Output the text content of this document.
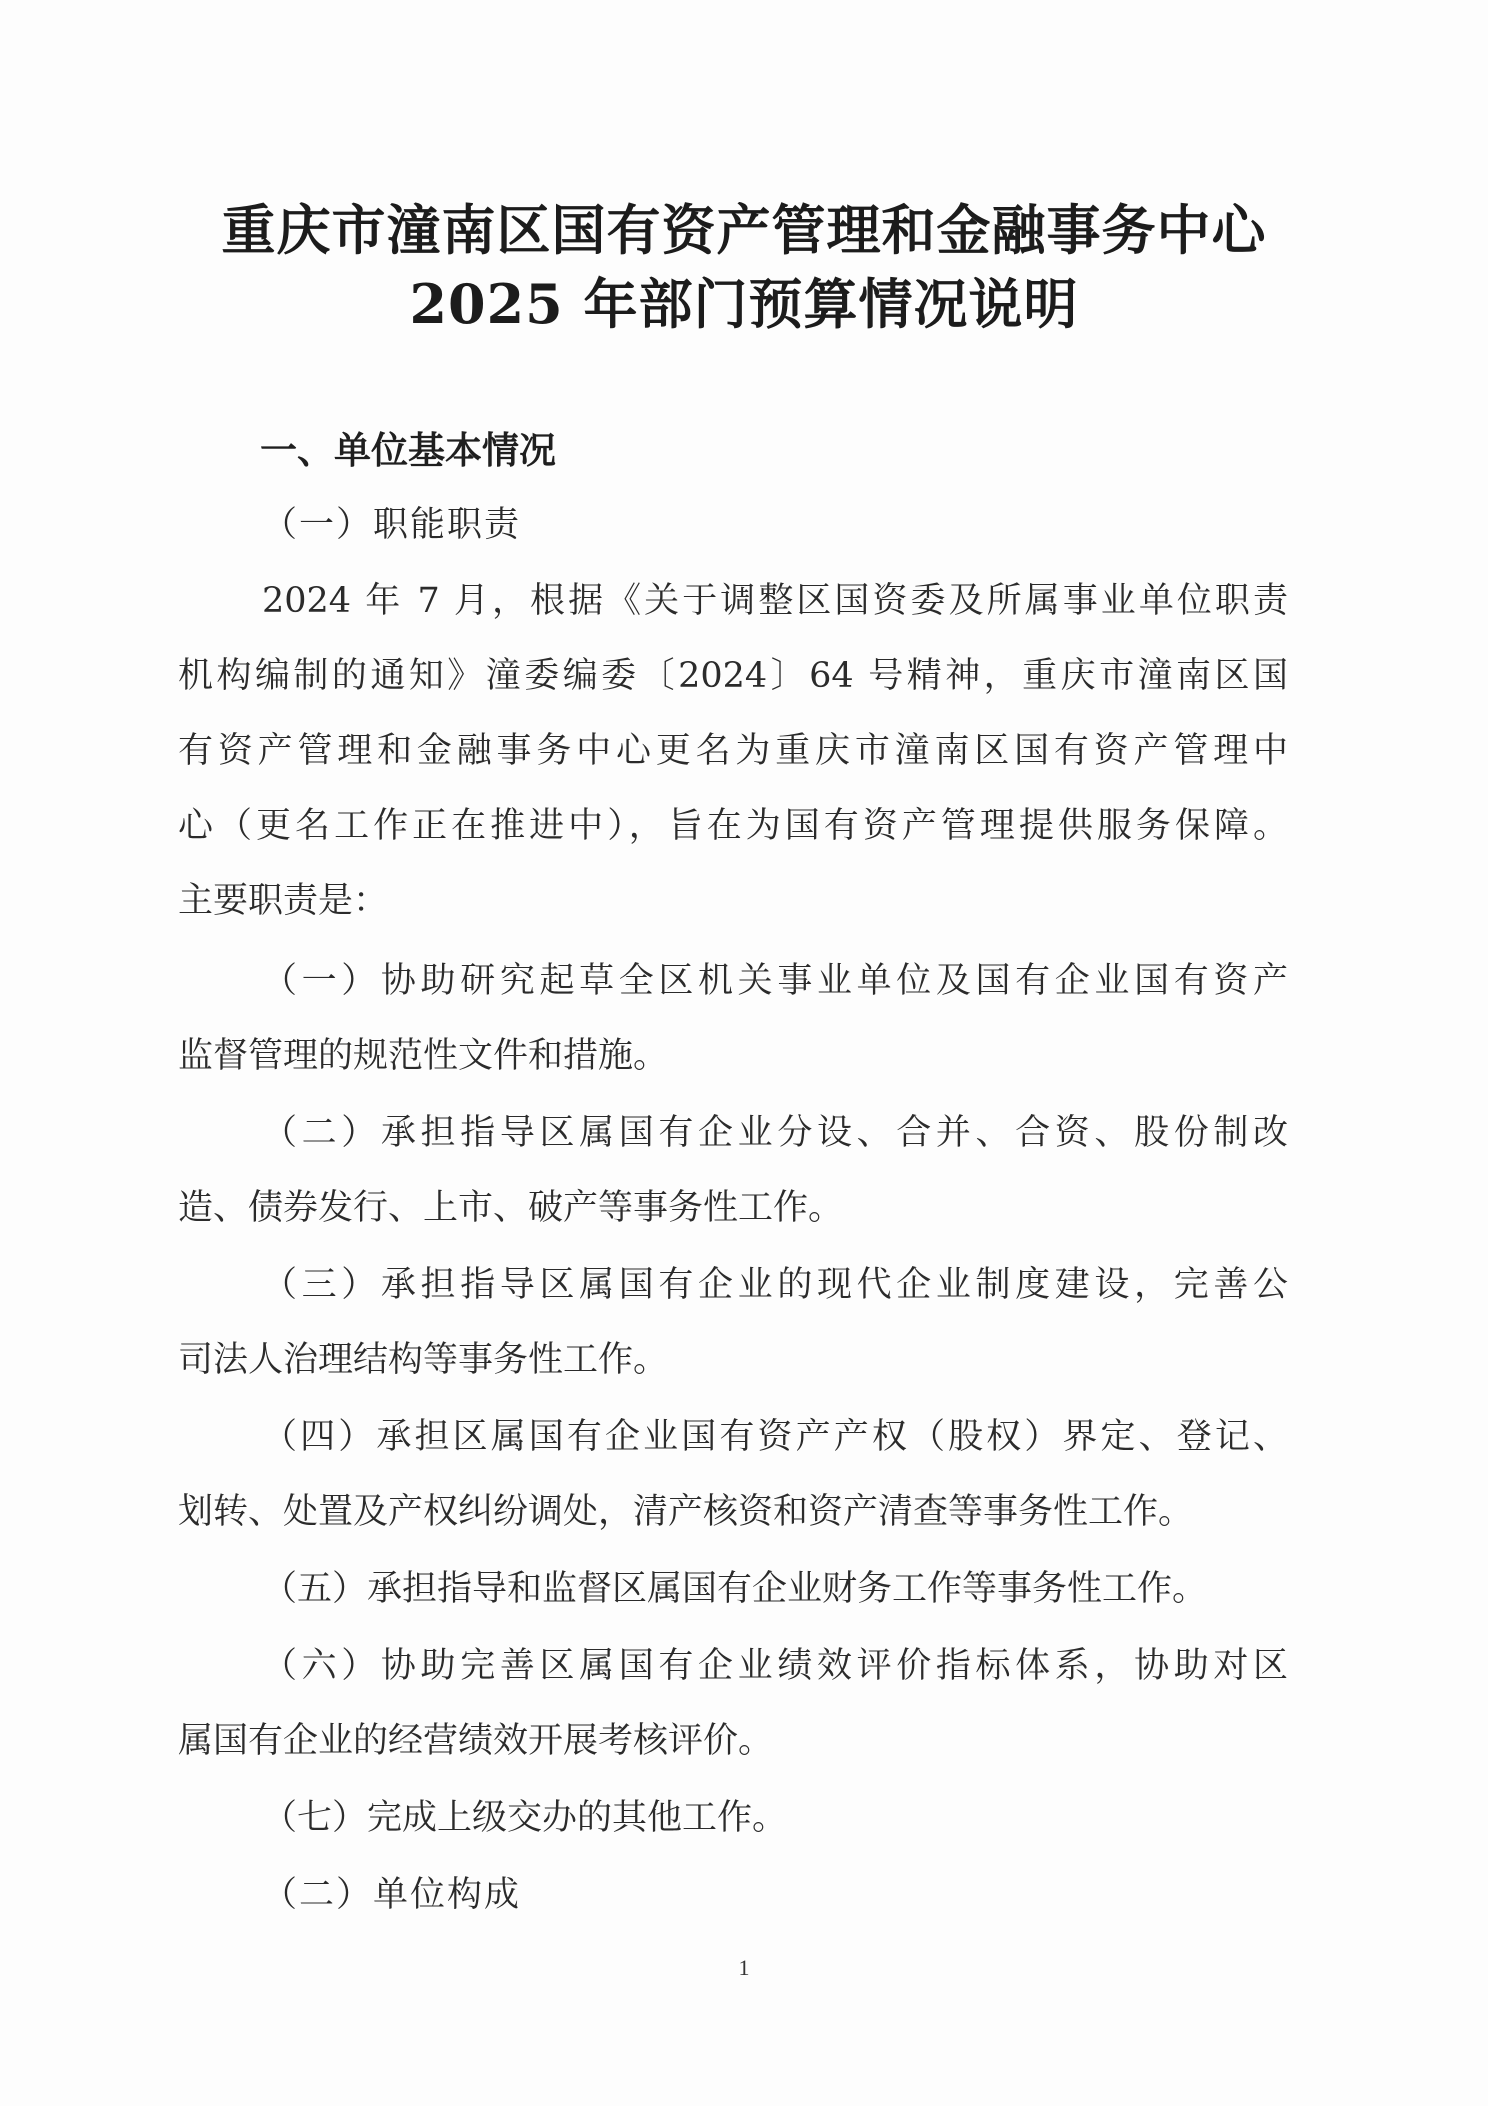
重庆市潼南区国有资产管理和金融事务中心
2025 年部门预算情况说明
一、单位基本情况
（一）职能职责
2024 年 7 月，根据《关于调整区国资委及所属事业单位职责
机构编制的通知》潼委编委〔2024〕64 号精神，重庆市潼南区国
有资产管理和金融事务中心更名为重庆市潼南区国有资产管理中
心（更名工作正在推进中），旨在为国有资产管理提供服务保障。
主要职责是：
（一）协助研究起草全区机关事业单位及国有企业国有资产
监督管理的规范性文件和措施。
（二）承担指导区属国有企业分设、合并、合资、股份制改
造、债券发行、上市、破产等事务性工作。
（三）承担指导区属国有企业的现代企业制度建设，完善公
司法人治理结构等事务性工作。
（四）承担区属国有企业国有资产产权（股权）界定、登记、
划转、处置及产权纠纷调处，清产核资和资产清查等事务性工作。
（五）承担指导和监督区属国有企业财务工作等事务性工作。
（六）协助完善区属国有企业绩效评价指标体系，协助对区
属国有企业的经营绩效开展考核评价。
（七）完成上级交办的其他工作。
（二）单位构成
1
